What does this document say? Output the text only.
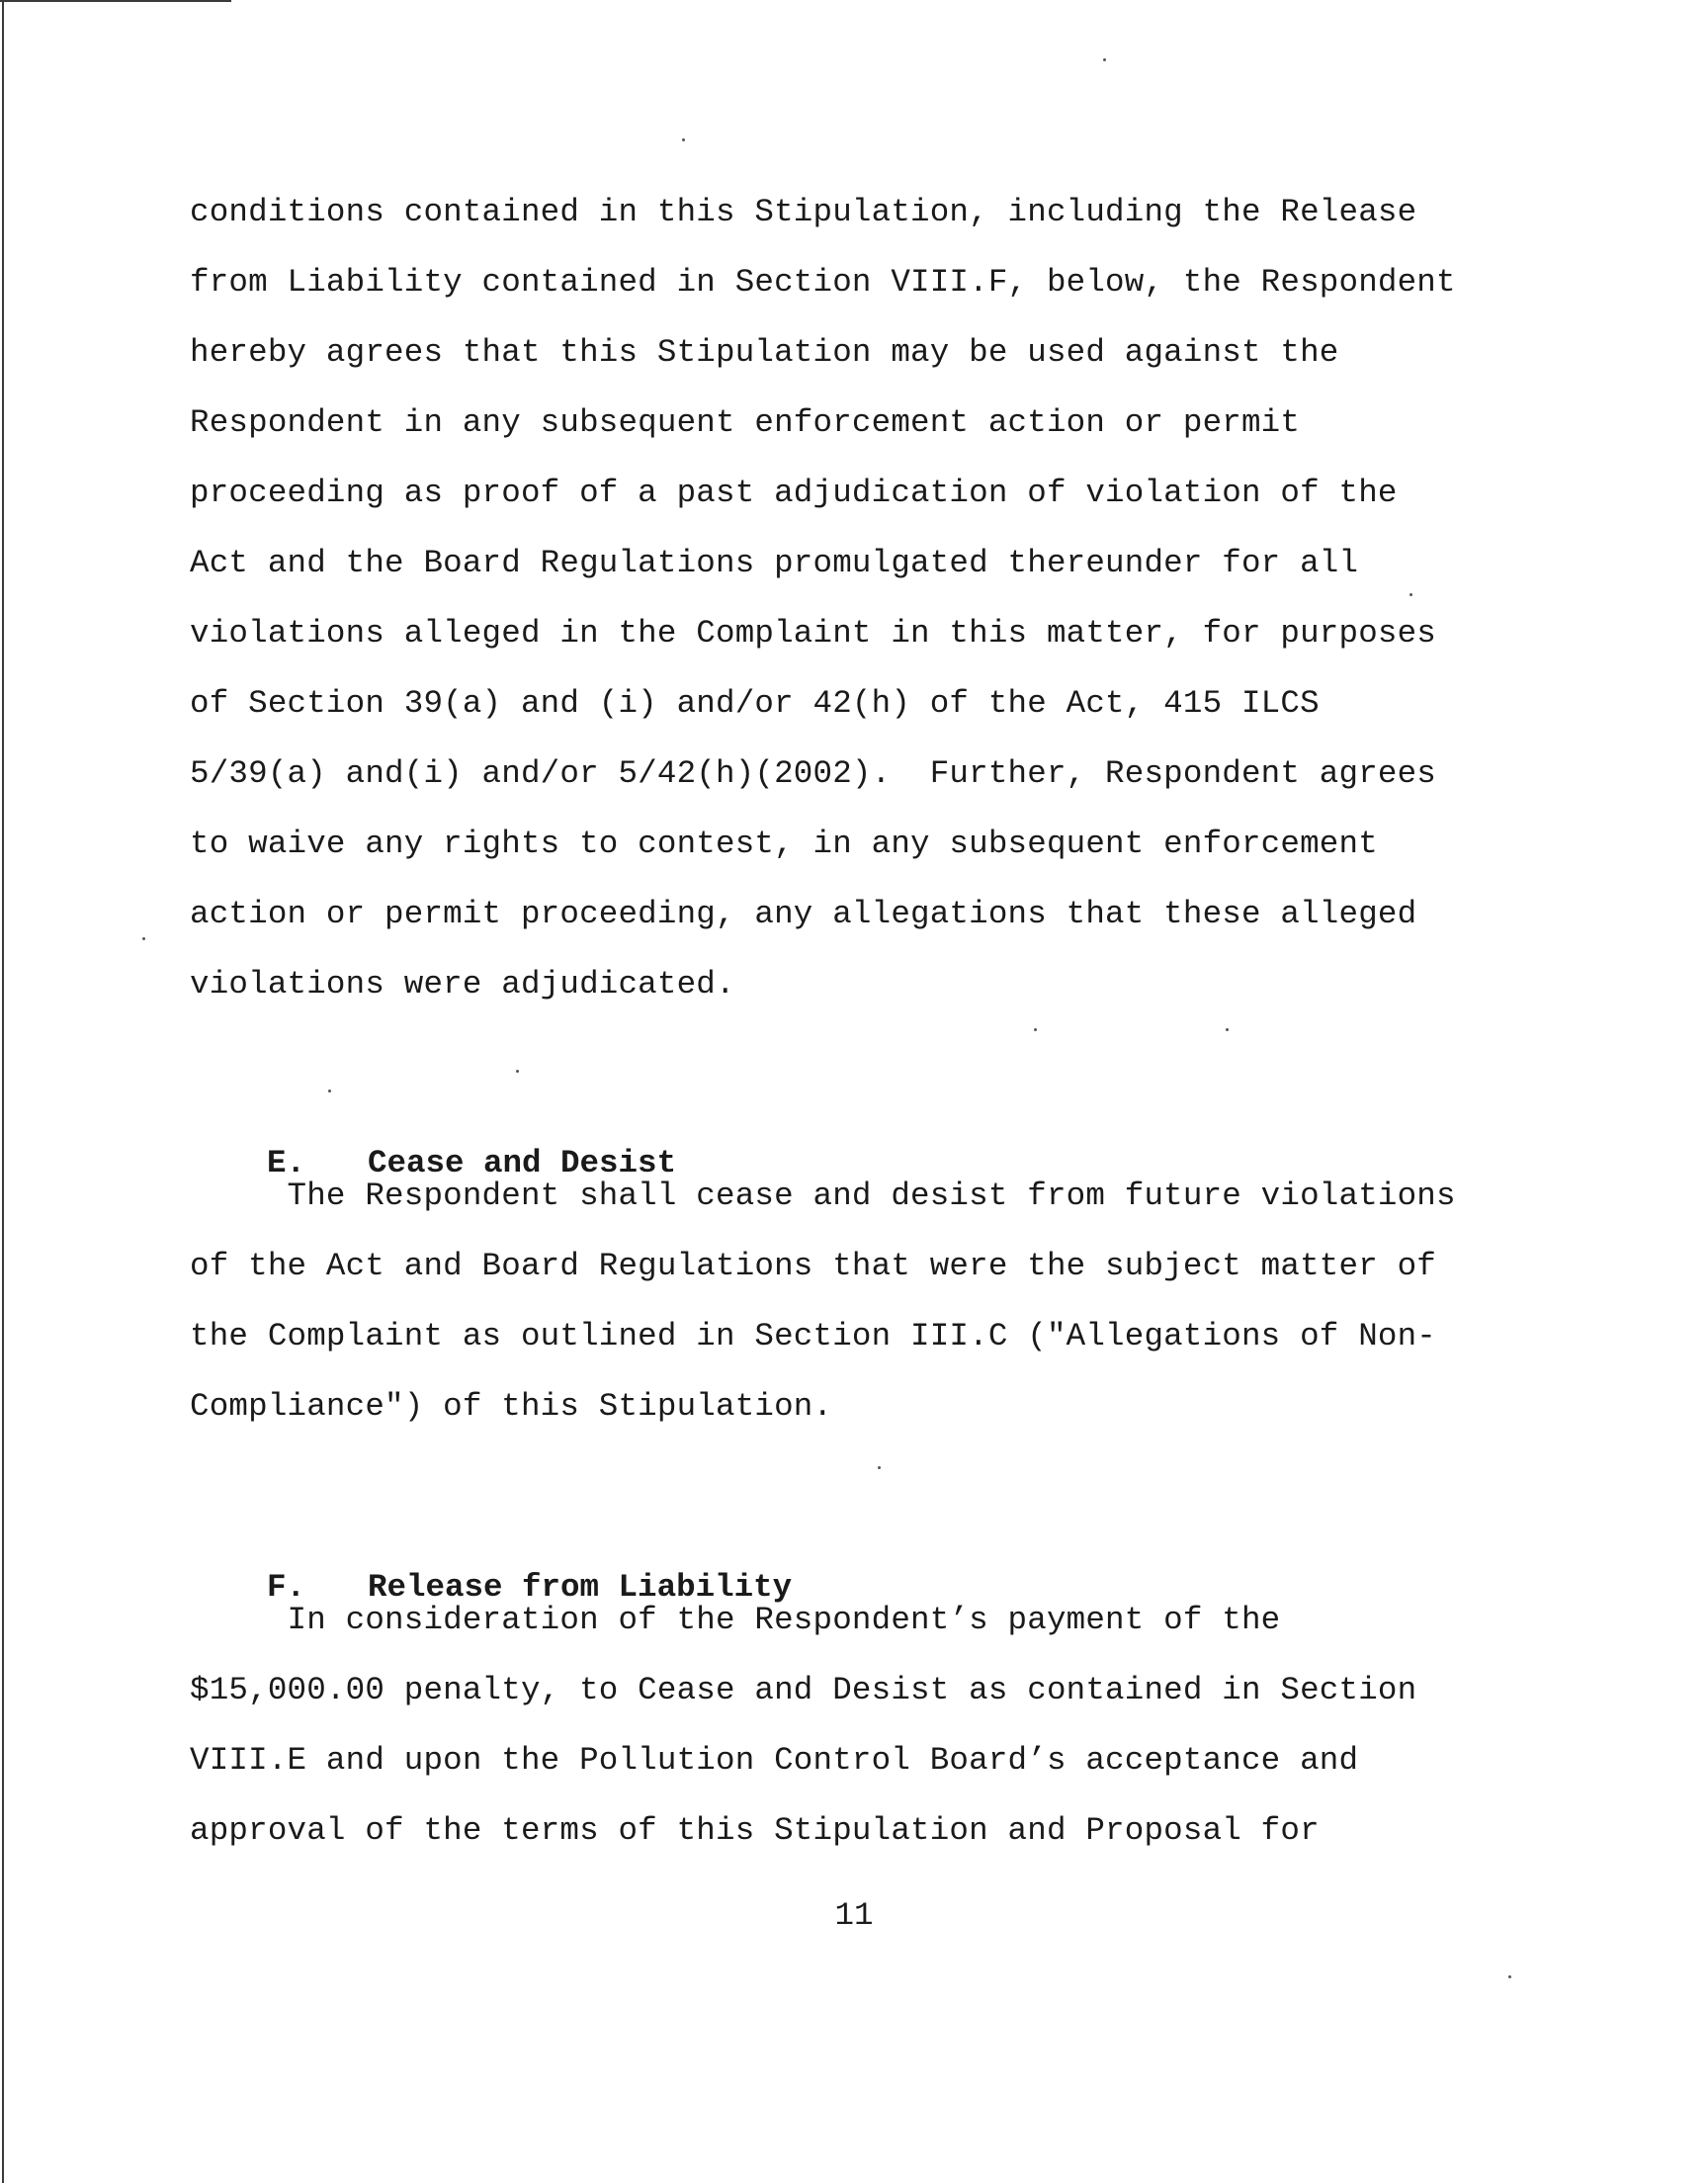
conditions contained in this Stipulation, including the Release
from Liability contained in Section VIII.F, below, the Respondent
hereby agrees that this Stipulation may be used against the
Respondent in any subsequent enforcement action or permit
proceeding as proof of a past adjudication of violation of the
Act and the Board Regulations promulgated thereunder for all
violations alleged in the Complaint in this matter, for purposes
of Section 39(a) and (i) and/or 42(h) of the Act, 415 ILCS
5/39(a) and(i) and/or 5/42(h)(2002).  Further, Respondent agrees
to waive any rights to contest, in any subsequent enforcement
action or permit proceeding, any allegations that these alleged
violations were adjudicated.

E. Cease and Desist

The Respondent shall cease and desist from future violations
of the Act and Board Regulations that were the subject matter of
the Complaint as outlined in Section III.C ("Allegations of Non-
Compliance") of this Stipulation.

F. Release from Liability

In consideration of the Respondent’s payment of the
$15,000.00 penalty, to Cease and Desist as contained in Section
VIII.E and upon the Pollution Control Board’s acceptance and
approval of the terms of this Stipulation and Proposal for
11
